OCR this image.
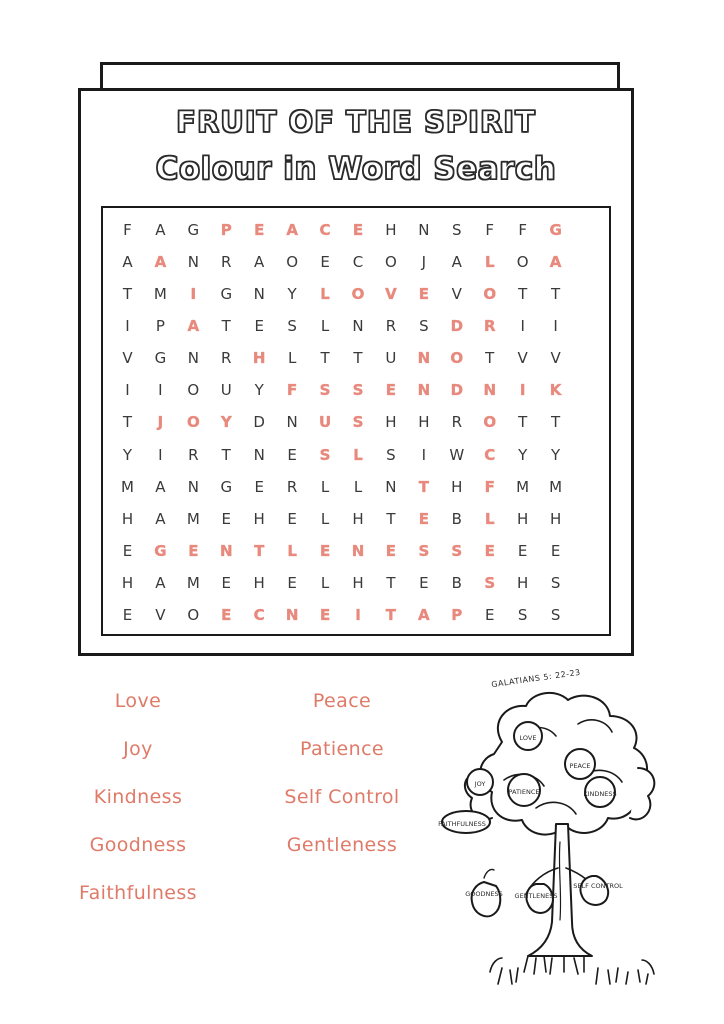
FRUIT OF THE SPIRIT
Colour in Word Search
F A G P E A C E H N S F F G
A A N R A O E C O J A L O A
T M I G N Y L O V E V O T T
I P A T E S L N R S D R I I
V G N R H L T T U N O T V V
I I O U Y F S S E N D N I K
T J O Y D N U S H H R O T T
Y I R T N E S L S I W C Y Y
M A N G E R L L N T H F M M
H A M E H E L H T E B L H H
E G E N T L E N E S S E E E
H A M E H E L H T E B S H S
E V O E C N E I T A P E S S
Love	Peace
Joy	Patience
Kindness	Self Control
Goodness	Gentleness
Faithfulness
GALATIANS 5: 22-23
LOVE
PEACE
JOY
PATIENCE	KINDNESS
FAITHFULNESS
GOODNESS	GENTLENESS
SELF CONTROL
